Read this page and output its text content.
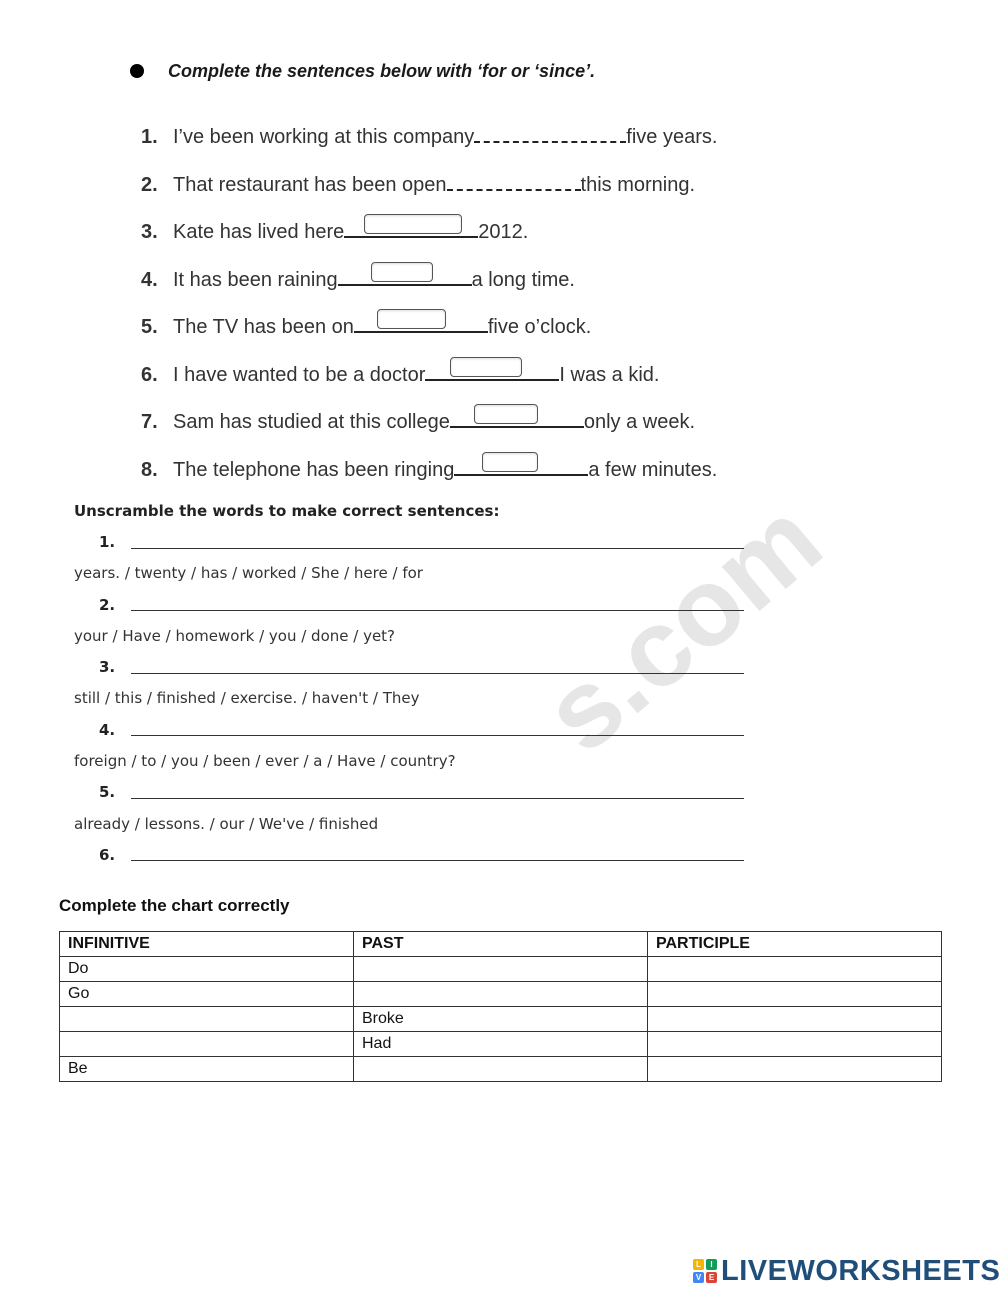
Complete the sentences below with ‘for or ‘since’.
1. I’ve been working at this company	five years.
2. That restaurant has been open	this morning.
3. Kate has lived here	2012.
4. It has been raining	a long time.
5. The TV has been on	five o’clock.
6. I have wanted to be a doctor	I was a kid.
7. Sam has studied at this college	only a week.
8. The telephone has been ringing	a few minutes.
s.com
Unscramble the words to make correct sentences:
1.
years. / twenty / has / worked / She / here / for
2.
your / Have / homework / you / done / yet?
3.
still / this / finished / exercise. / haven't / They
4.
foreign / to / you / been / ever / a / Have / country?
5.
already / lessons. / our / We've / finished
6.
Complete the chart correctly
INFINITIVE	PAST	PARTICIPLE
Do		
Go		
	Broke	
	Had	
Be		
L	I
V E LIVEWORKSHEETS
